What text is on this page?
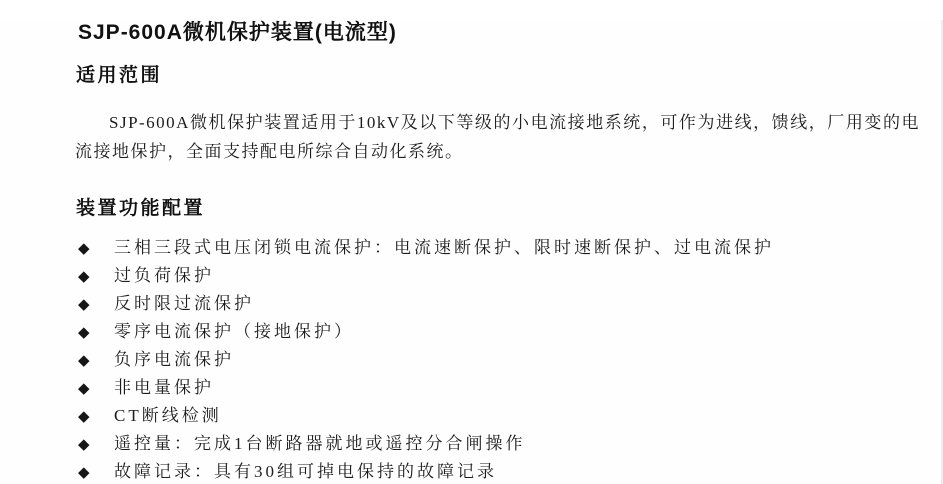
SJP-600A微机保护装置(电流型)
适用范围

SJP-600A微机保护装置适用于10kV及以下等级的小电流接地系统，可作为进线，馈线，厂用变的电流接地保护，全面支持配电所综合自动化系统。

装置功能配置
◆	三相三段式电压闭锁电流保护：电流速断保护、限时速断保护、过电流保护
◆	过负荷保护
◆	反时限过流保护
◆	零序电流保护（接地保护）
◆	负序电流保护
◆	非电量保护
◆	CT断线检测
◆	遥控量：完成1台断路器就地或遥控分合闸操作
◆	故障记录：具有30组可掉电保持的故障记录
